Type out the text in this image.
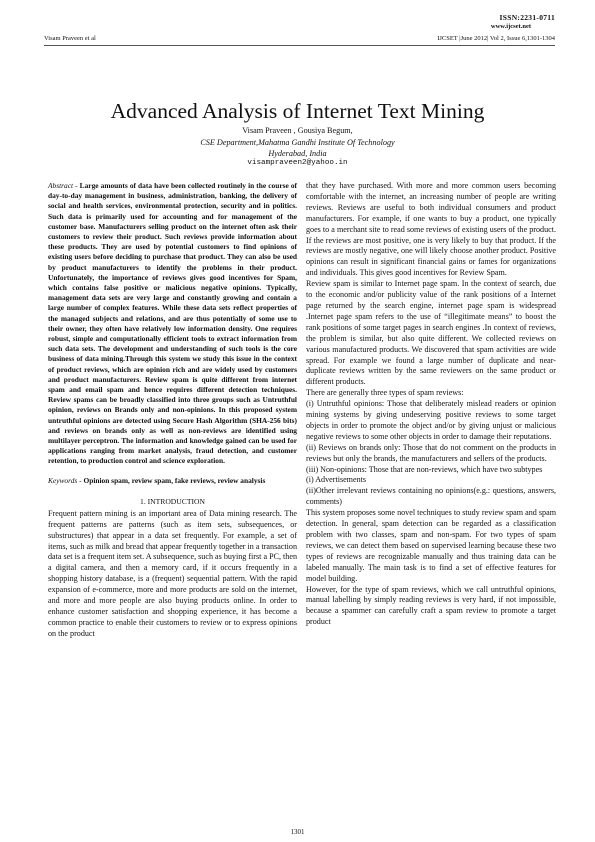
ISSN:2231-0711
www.ijcset.net
Visam Praveen et al	IJCSET |June 2012| Vol 2, Issue 6,1301-1304
Advanced Analysis of Internet Text Mining
Visam Praveen , Gousiya Begum,
CSE Department,Mahatma Gandhi Institute Of Technology
Hyderabad, India
visampraveen2@yahoo.in

Abstract - Large amounts of data have been collected routinely in the course of day-to-day management in business, administration, banking, the delivery of social and health services, environmental protection, security and in politics. Such data is primarily used for accounting and for management of the customer base. Manufacturers selling product on the internet often ask their customers to review their product. Such reviews provide information about these products. They are used by potential customers to find opinions of existing users before deciding to purchase that product. They can also be used by product manufacturers to identify the problems in their product. Unfortunately, the importance of reviews gives good incentives for Spam, which contains false positive or malicious negative opinions. Typically, management data sets are very large and constantly growing and contain a large number of complex features. While these data sets reflect properties of the managed subjects and relations, and are thus potentially of some use to their owner, they often have relatively low information density. One requires robust, simple and computationally efficient tools to extract information from such data sets. The development and understanding of such tools is the core business of data mining.Through this system we study this issue in the context of product reviews, which are opinion rich and are widely used by customers and product manufacturers. Review spam is quite different from internet spam and email spam and hence requires different detection techniques. Review spams can be broadly classified into three groups such as Untruthful opinion, reviews on Brands only and non-opinions. In this proposed system untruthful opinions are detected using Secure Hash Algorithm (SHA-256 bits) and reviews on brands only as well as non-reviews are identified using multilayer perceptron. The information and knowledge gained can be used for applications ranging from market analysis, fraud detection, and customer retention, to production control and science exploration.

Keywords - Opinion spam, review spam, fake reviews, review analysis

1. INTRODUCTION

Frequent pattern mining is an important area of Data mining research. The frequent patterns are patterns (such as item sets, subsequences, or substructures) that appear in a data set frequently. For example, a set of items, such as milk and bread that appear frequently together in a transaction data set is a frequent item set. A subsequence, such as buying first a PC, then a digital camera, and then a memory card, if it occurs frequently in a shopping history database, is a (frequent) sequential pattern. With the rapid expansion of e-commerce, more and more products are sold on the internet, and more and more people are also buying products online. In order to enhance customer satisfaction and shopping experience, it has become a common practice to enable their customers to review or to express opinions on the product

that they have purchased. With more and more common users becoming comfortable with the internet, an increasing number of people are writing reviews. Reviews are useful to both individual consumers and product manufacturers. For example, if one wants to buy a product, one typically goes to a merchant site to read some reviews of existing users of the product. If the reviews are most positive, one is very likely to buy that product. If the reviews are mostly negative, one will likely choose another product. Positive opinions can result in significant financial gains or fames for organizations and individuals. This gives good incentives for Review Spam.

Review spam is similar to Internet page spam. In the context of search, due to the economic and/or publicity value of the rank positions of a Internet page returned by the search engine, internet page spam is widespread .Internet page spam refers to the use of “illegitimate means” to boost the rank positions of some target pages in search engines .In context of reviews, the problem is similar, but also quite different. We collected reviews on various manufactured products. We discovered that spam activities are wide spread. For example we found a large number of duplicate and near-duplicate reviews written by the same reviewers on the same product or different products.

There are generally three types of spam reviews:

(i) Untruthful opinions: Those that deliberately mislead readers or opinion mining systems by giving undeserving positive reviews to some target objects in order to promote the object and/or by giving unjust or malicious negative reviews to some other objects in order to damage their reputations.

(ii) Reviews on brands only: Those that do not comment on the products in reviews but only the brands, the manufacturers and sellers of the products.

(iii) Non-opinions: Those that are non-reviews, which have two subtypes

(i) Advertisements

(ii)Other irrelevant reviews containing no opinions(e.g.: questions, answers, comments)

This system proposes some novel techniques to study review spam and spam detection. In general, spam detection can be regarded as a classification problem with two classes, spam and non-spam. For two types of spam reviews, we can detect them based on supervised learning because these two types of reviews are recognizable manually and thus training data can be labeled manually. The main task is to find a set of effective features for model building.

However, for the type of spam reviews, which we call untruthful opinions, manual labelling by simply reading reviews is very hard, if not impossible, because a spammer can carefully craft a spam review to promote a target product

1301
